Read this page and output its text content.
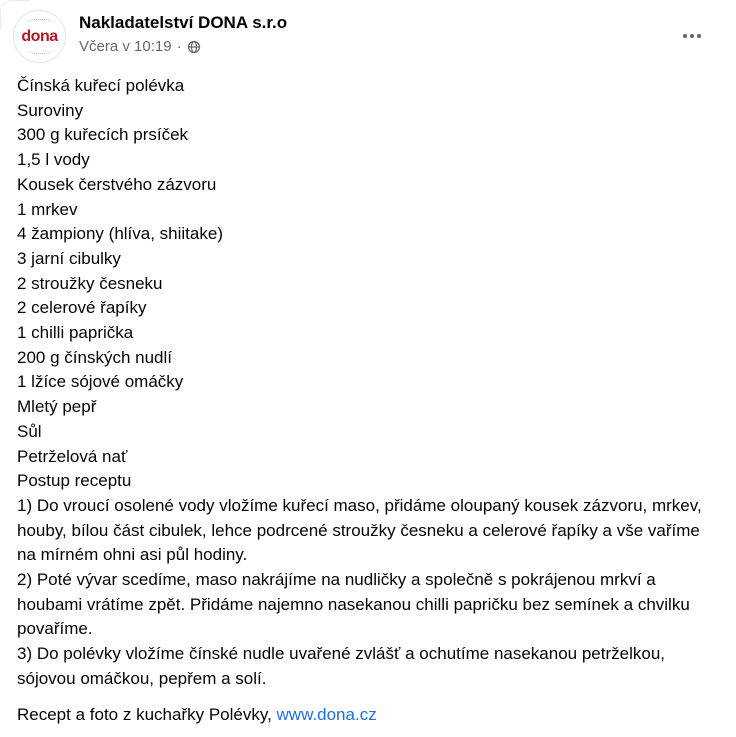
dona
Nakladatelství DONA s.r.o
Včera v 10:19 ·
Čínská kuřecí polévka
Suroviny
300 g kuřecích prsíček
1,5 l vody
Kousek čerstvého zázvoru
1 mrkev
4 žampiony (hlíva, shiitake)
3 jarní cibulky
2 stroužky česneku
2 celerové řapíky
1 chilli paprička
200 g čínských nudlí
1 lžíce sójové omáčky
Mletý pepř
Sůl
Petrželová nať
Postup receptu
1) Do vroucí osolené vody vložíme kuřecí maso, přidáme oloupaný kousek zázvoru, mrkev, houby, bílou část cibulek, lehce podrcené stroužky česneku a celerové řapíky a vše vaříme na mírném ohni asi půl hodiny.
2) Poté vývar scedíme, maso nakrájíme na nudličky a společně s pokrájenou mrkví a houbami vrátíme zpět. Přidáme najemno nasekanou chilli papričku bez semínek a chvilku povaříme.
3) Do polévky vložíme čínské nudle uvařené zvlášť a ochutíme nasekanou petrželkou, sójovou omáčkou, pepřem a solí.
Recept a foto z kuchařky Polévky, www.dona.cz
